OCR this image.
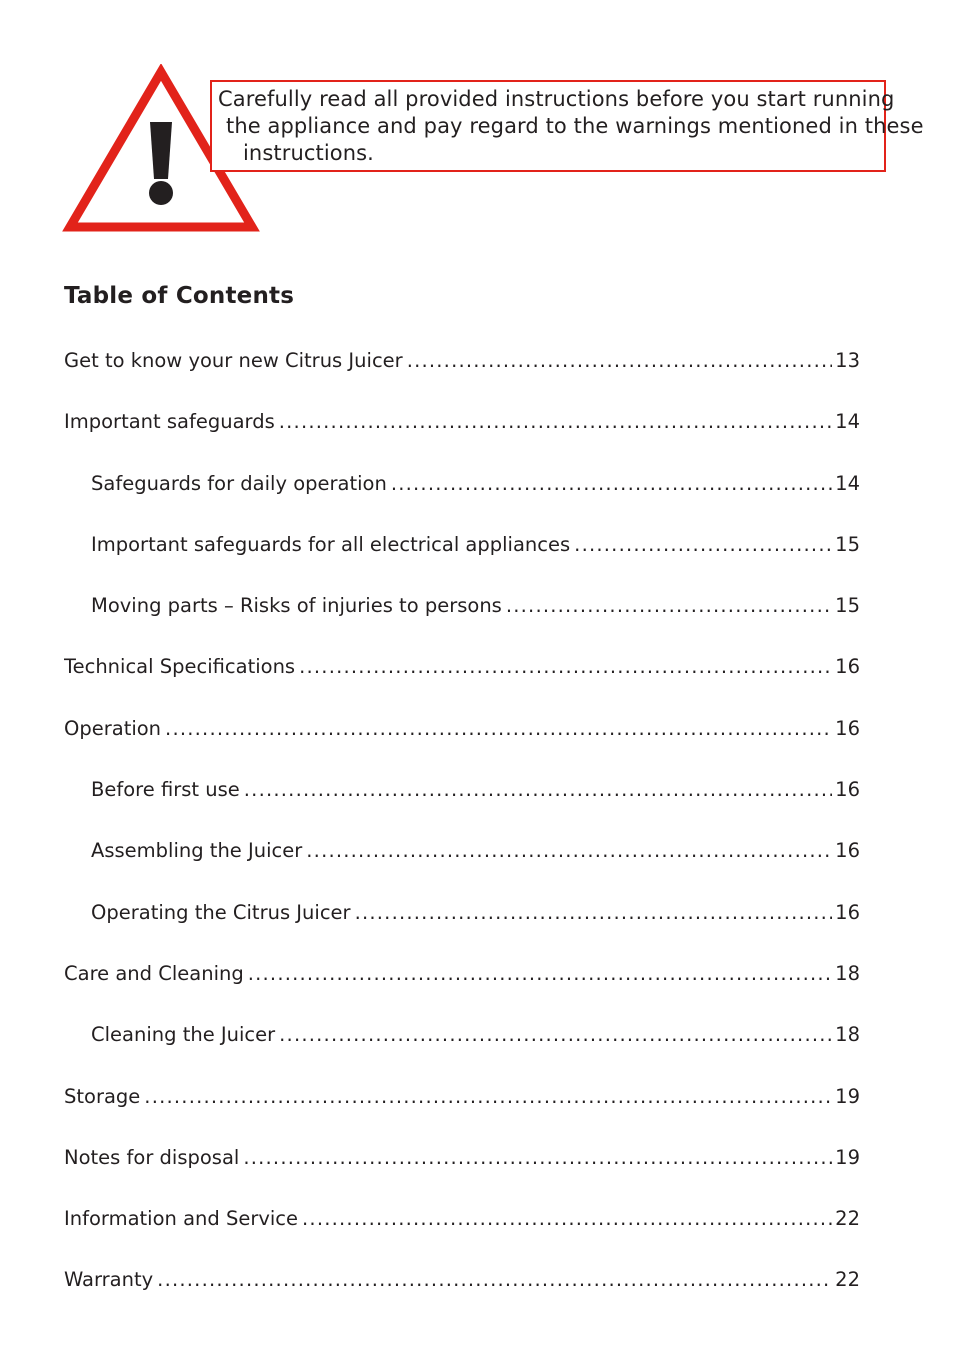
Carefully read all provided instructions before you start running
the appliance and pay regard to the warnings mentioned in these
instructions.
Table of Contents
Get to know your new Citrus Juicer .....	13
Important safeguards .....	14
Safeguards for daily operation .....	14
Important safeguards for all electrical appliances .....	15
Moving parts – Risks of injuries to persons .....	15
Technical Specifications .....	16
Operation .....	16
Before first use .....	16
Assembling the Juicer .....	16
Operating the Citrus Juicer .....	16
Care and Cleaning .....	18
Cleaning the Juicer .....	18
Storage .....	19
Notes for disposal .....	19
Information and Service .....	22
Warranty .....	22
